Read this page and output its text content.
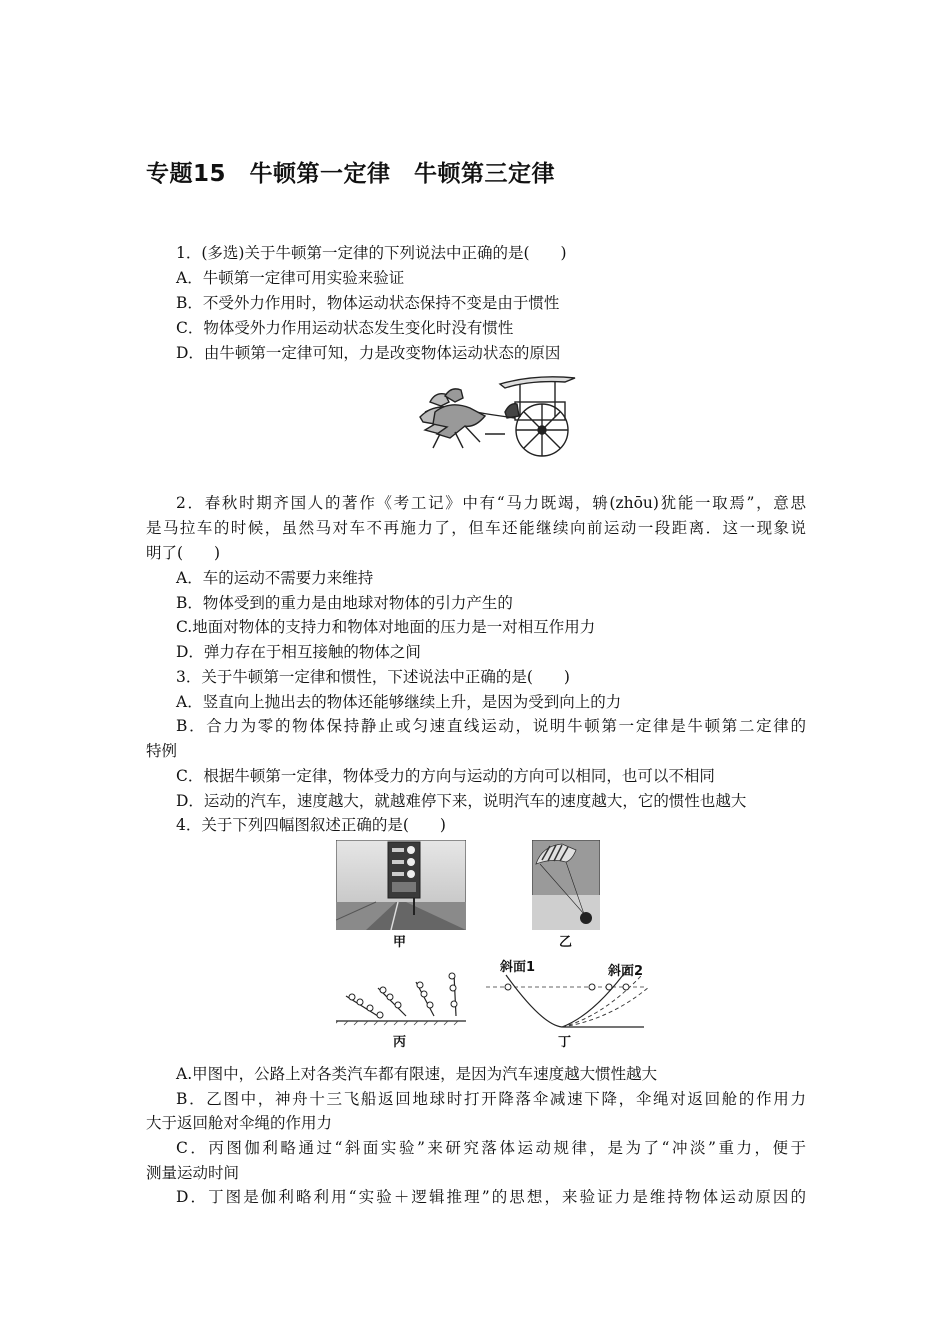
专题15　牛顿第一定律　牛顿第三定律
1．(多选)关于牛顿第一定律的下列说法中正确的是(　　)
A．牛顿第一定律可用实验来验证
B．不受外力作用时，物体运动状态保持不变是由于惯性
C．物体受外力作用运动状态发生变化时没有惯性
D．由牛顿第一定律可知，力是改变物体运动状态的原因
2．春秋时期齐国人的著作《考工记》中有“马力既竭，辀(zhōu)犹能一取焉”，意思
是马拉车的时候，虽然马对车不再施力了，但车还能继续向前运动一段距离．这一现象说
明了(　　)
A．车的运动不需要力来维持
B．物体受到的重力是由地球对物体的引力产生的
C.地面对物体的支持力和物体对地面的压力是一对相互作用力
D．弹力存在于相互接触的物体之间
3．关于牛顿第一定律和惯性，下述说法中正确的是(　　)
A．竖直向上抛出去的物体还能够继续上升，是因为受到向上的力
B．合力为零的物体保持静止或匀速直线运动，说明牛顿第一定律是牛顿第二定律的
特例
C．根据牛顿第一定律，物体受力的方向与运动的方向可以相同，也可以不相同
D．运动的汽车，速度越大，就越难停下来，说明汽车的速度越大，它的惯性也越大
4．关于下列四幅图叙述正确的是(　　)
甲	乙
丙
斜面1	斜面2
丁
A.甲图中，公路上对各类汽车都有限速，是因为汽车速度越大惯性越大
B．乙图中，神舟十三飞船返回地球时打开降落伞减速下降，伞绳对返回舱的作用力
大于返回舱对伞绳的作用力
C．丙图伽利略通过“斜面实验”来研究落体运动规律，是为了“冲淡”重力，便于
测量运动时间
D．丁图是伽利略利用“实验＋逻辑推理”的思想，来验证力是维持物体运动原因的
